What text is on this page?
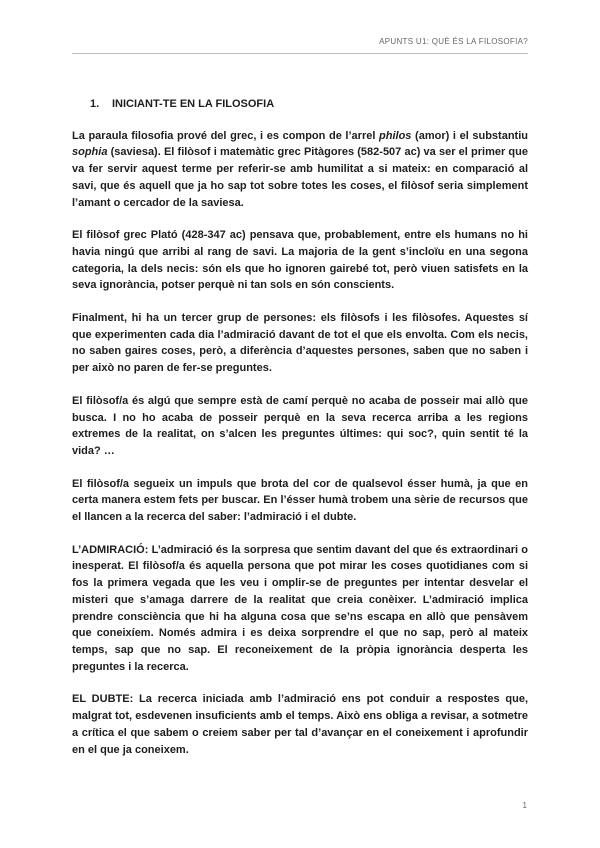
APUNTS U1: QUÈ ÉS LA FILOSOFIA?
1. INICIANT-TE EN LA FILOSOFIA

La paraula filosofia prové del grec, i es compon de l’arrel philos (amor) i el substantiu sophia (saviesa). El filòsof i matemàtic grec Pitàgores (582-507 ac) va ser el primer que va fer servir aquest terme per referir-se amb humilitat a si mateix: en comparació al savi, que és aquell que ja ho sap tot sobre totes les coses, el filòsof seria simplement l’amant o cercador de la saviesa.

El filòsof grec Plató (428-347 ac) pensava que, probablement, entre els humans no hi havia ningú que arribi al rang de savi. La majoria de la gent s’incloïu en una segona categoria, la dels necis: són els que ho ignoren gairebé tot, però viuen satisfets en la seva ignorància, potser perquè ni tan sols en són conscients.

Finalment, hi ha un tercer grup de persones: els filòsofs i les filòsofes. Aquestes sí que experimenten cada dia l’admiració davant de tot el que els envolta. Com els necis, no saben gaires coses, però, a diferència d’aquestes persones, saben que no saben i per això no paren de fer-se preguntes.

El filòsof/a és algú que sempre està de camí perquè no acaba de posseir mai allò que busca. I no ho acaba de posseir perquè en la seva recerca arriba a les regions extremes de la realitat, on s’alcen les preguntes últimes: qui soc?, quin sentit té la vida? …

El filòsof/a segueix un impuls que brota del cor de qualsevol ésser humà, ja que en certa manera estem fets per buscar. En l’ésser humà trobem una sèrie de recursos que el llancen a la recerca del saber: l’admiració i el dubte.

L’ADMIRACIÓ: L’admiració és la sorpresa que sentim davant del que és extraordinari o inesperat. El filòsof/a és aquella persona que pot mirar les coses quotidianes com si fos la primera vegada que les veu i omplir-se de preguntes per intentar desvelar el misteri que s’amaga darrere de la realitat que creia conèixer. L’admiració implica prendre consciència que hi ha alguna cosa que se’ns escapa en allò que pensàvem que coneixíem. Només admira i es deixa sorprendre el que no sap, però al mateix temps, sap que no sap. El reconeixement de la pròpia ignorància desperta les preguntes i la recerca.

EL DUBTE: La recerca iniciada amb l’admiració ens pot conduir a respostes que, malgrat tot, esdevenen insuficients amb el temps. Això ens obliga a revisar, a sotmetre a crítica el que sabem o creiem saber per tal d’avançar en el coneixement i aprofundir en el que ja coneixem.

1
